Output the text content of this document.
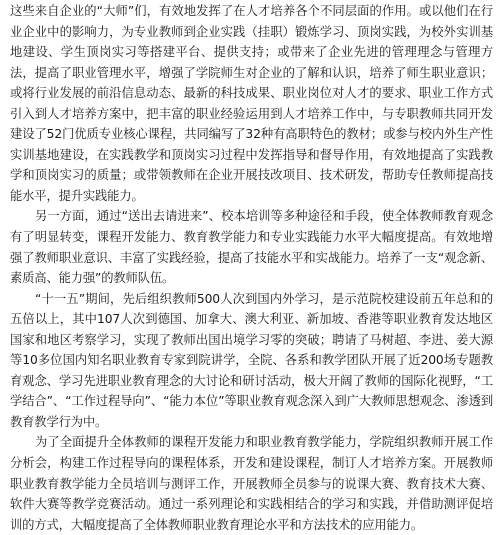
这些来自企业的“大师”们，有效地发挥了在人才培养各个不同层面的作用。或以他们在行业企业中的影响力，为专业教师到企业实践（挂职）锻炼学习、顶岗实践，为校外实训基地建设、学生顶岗实习等搭建平台、提供支持；或带来了企业先进的管理理念与管理方法，提高了职业管理水平，增强了学院师生对企业的了解和认识，培养了师生职业意识；或将行业发展的前沿信息动态、最新的科技成果、职业岗位对人才的要求、职业工作方式引入到人才培养方案中，把丰富的职业经验运用到人才培养工作中，与专职教师共同开发建设了52门优质专业核心课程，共同编写了32种有高职特色的教材；或参与校内外生产性实训基地建设，在实践教学和顶岗实习过程中发挥指导和督导作用，有效地提高了实践教学和顶岗实习的质量；或带领教师在企业开展技改项目、技术研发，帮助专任教师提高技能水平，提升实践能力。

另一方面，通过“送出去请进来”、校本培训等多种途径和手段，使全体教师教育观念有了明显转变，课程开发能力、教育教学能力和专业实践能力水平大幅度提高。有效地增强了教师职业意识、丰富了实践经验，提高了技能水平和实战能力。培养了一支“观念新、素质高、能力强”的教师队伍。

“十一五”期间，先后组织教师500人次到国内外学习，是示范院校建设前五年总和的五倍以上，其中107人次到德国、加拿大、澳大利亚、新加坡、香港等职业教育发达地区国家和地区考察学习，实现了教师出国出境学习零的突破；聘请了马树超、李进、姜大源等10多位国内知名职业教育专家到院讲学，全院、各系和教学团队开展了近200场专题教育观念、学习先进职业教育理念的大讨论和研讨活动，极大开阔了教师的国际化视野，“工学结合”、“工作过程导向”、“能力本位”等职业教育观念深入到广大教师思想观念、渗透到教育教学行为中。

为了全面提升全体教师的课程开发能力和职业教育教学能力，学院组织教师开展工作分析会，构建工作过程导向的课程体系，开发和建设课程，制订人才培养方案。开展教师职业教育教学能力全员培训与测评工作，开展教师全员参与的说课大赛、教育技术大赛、软件大赛等教学竞赛活动。通过一系列理论和实践相结合的学习和实践，并借助测评促培训的方式，大幅度提高了全体教师职业教育理论水平和方法技术的应用能力。
